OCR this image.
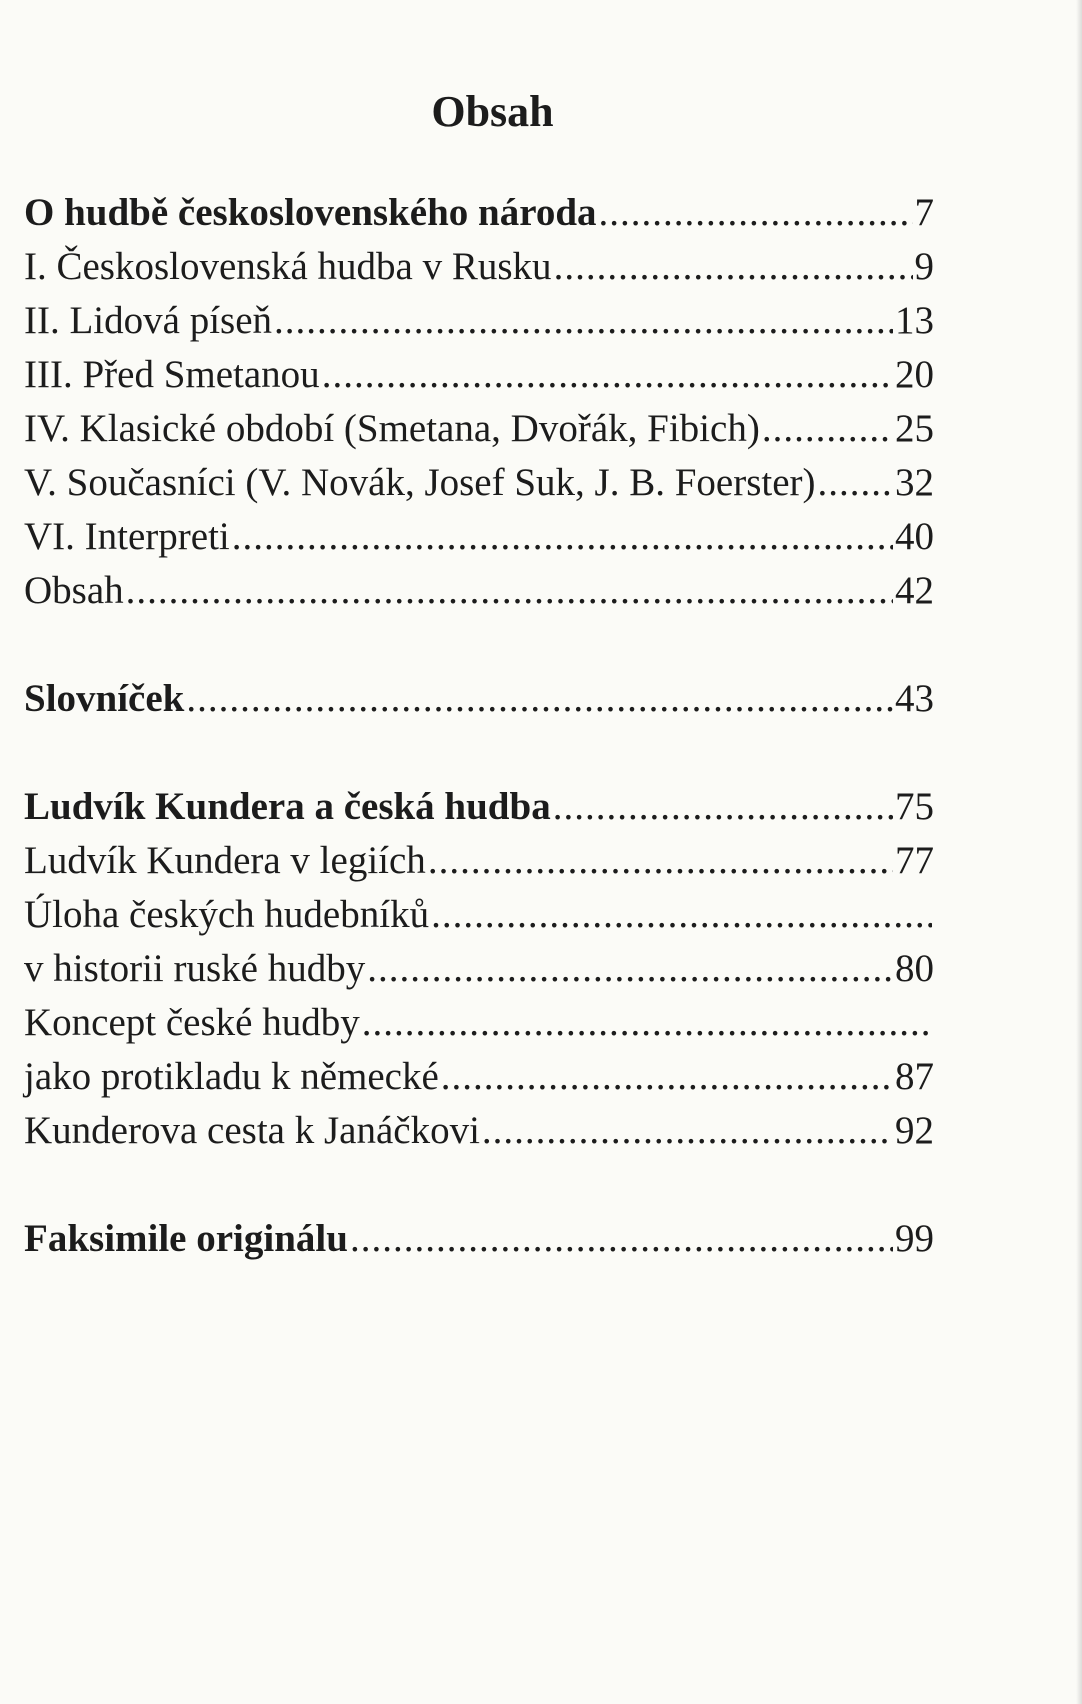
Obsah
O hudbě československého národa .....	7
I. Československá hudba v Rusku .....	9
II. Lidová píseň .....	13
III. Před Smetanou .....	20
IV. Klasické období (Smetana, Dvořák, Fibich) .....	25
V. Současníci (V. Novák, Josef Suk, J. B. Foerster) ..... 32
VI. Interpreti .....	40
Obsah .....	42
Slovníček .....	43
Ludvík Kundera a česká hudba .....	75
Ludvík Kundera v legiích .....	77
Úloha českých hudebníků
.....
v historii ruské hudby .....	80
Koncept české hudby
.....
jako protikladu k německé .....	87
Kunderova cesta k Janáčkovi .....	92
Faksimile originálu .....	99
